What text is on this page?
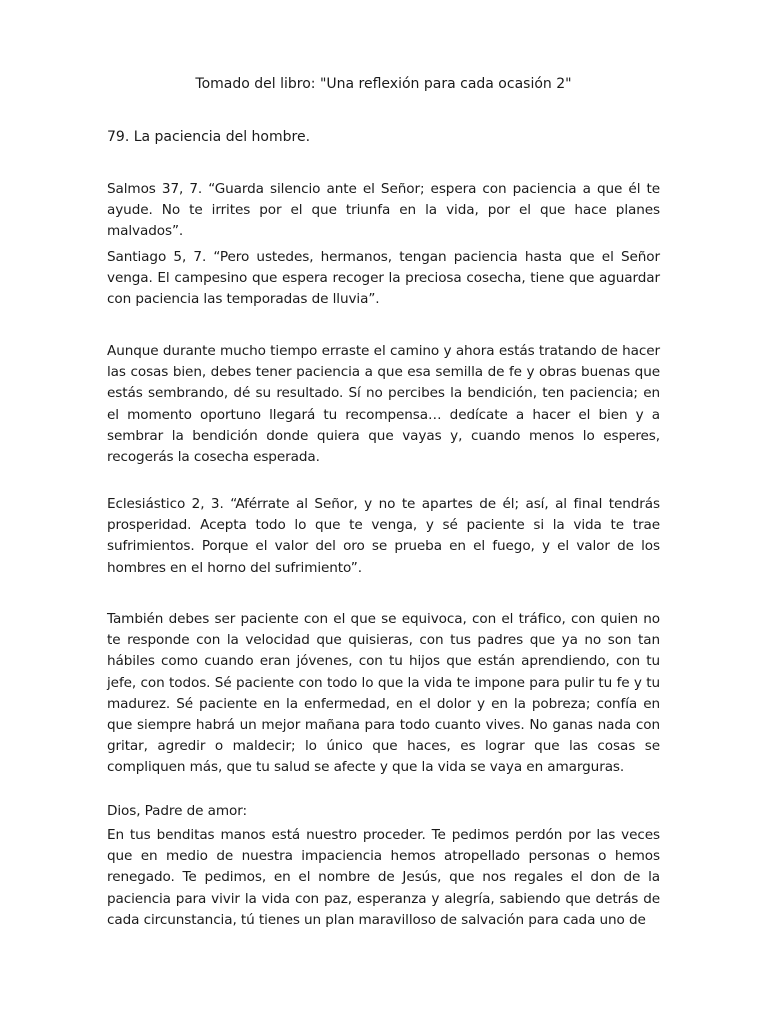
Tomado del libro: "Una reflexión para cada ocasión 2"
79. La paciencia del hombre.

Salmos 37, 7. “Guarda silencio ante el Señor; espera con paciencia a que él te ayude. No te irrites por el que triunfa en la vida, por el que hace planes malvados”.

Santiago 5, 7. “Pero ustedes, hermanos, tengan paciencia hasta que el Señor venga. El campesino que espera recoger la preciosa cosecha, tiene que aguardar con paciencia las temporadas de lluvia”.

Aunque durante mucho tiempo erraste el camino y ahora estás tratando de hacer las cosas bien, debes tener paciencia a que esa semilla de fe y obras buenas que estás sembrando, dé su resultado. Sí no percibes la bendición, ten paciencia; en el momento oportuno llegará tu recompensa… dedícate a hacer el bien y a sembrar la bendición donde quiera que vayas y, cuando menos lo esperes, recogerás la cosecha esperada.

Eclesiástico 2, 3. “Aférrate al Señor, y no te apartes de él; así, al final tendrás prosperidad. Acepta todo lo que te venga, y sé paciente si la vida te trae sufrimientos. Porque el valor del oro se prueba en el fuego, y el valor de los hombres en el horno del sufrimiento”.

También debes ser paciente con el que se equivoca, con el tráfico, con quien no te responde con la velocidad que quisieras, con tus padres que ya no son tan hábiles como cuando eran jóvenes, con tu hijos que están aprendiendo, con tu jefe, con todos. Sé paciente con todo lo que la vida te impone para pulir tu fe y tu madurez. Sé paciente en la enfermedad, en el dolor y en la pobreza; confía en que siempre habrá un mejor mañana para todo cuanto vives. No ganas nada con gritar, agredir o maldecir; lo único que haces, es lograr que las cosas se compliquen más, que tu salud se afecte y que la vida se vaya en amarguras.

Dios, Padre de amor:

En tus benditas manos está nuestro proceder. Te pedimos perdón por las veces que en medio de nuestra impaciencia hemos atropellado personas o hemos renegado. Te pedimos, en el nombre de Jesús, que nos regales el don de la paciencia para vivir la vida con paz, esperanza y alegría, sabiendo que detrás de cada circunstancia, tú tienes un plan maravilloso de salvación para cada uno de
